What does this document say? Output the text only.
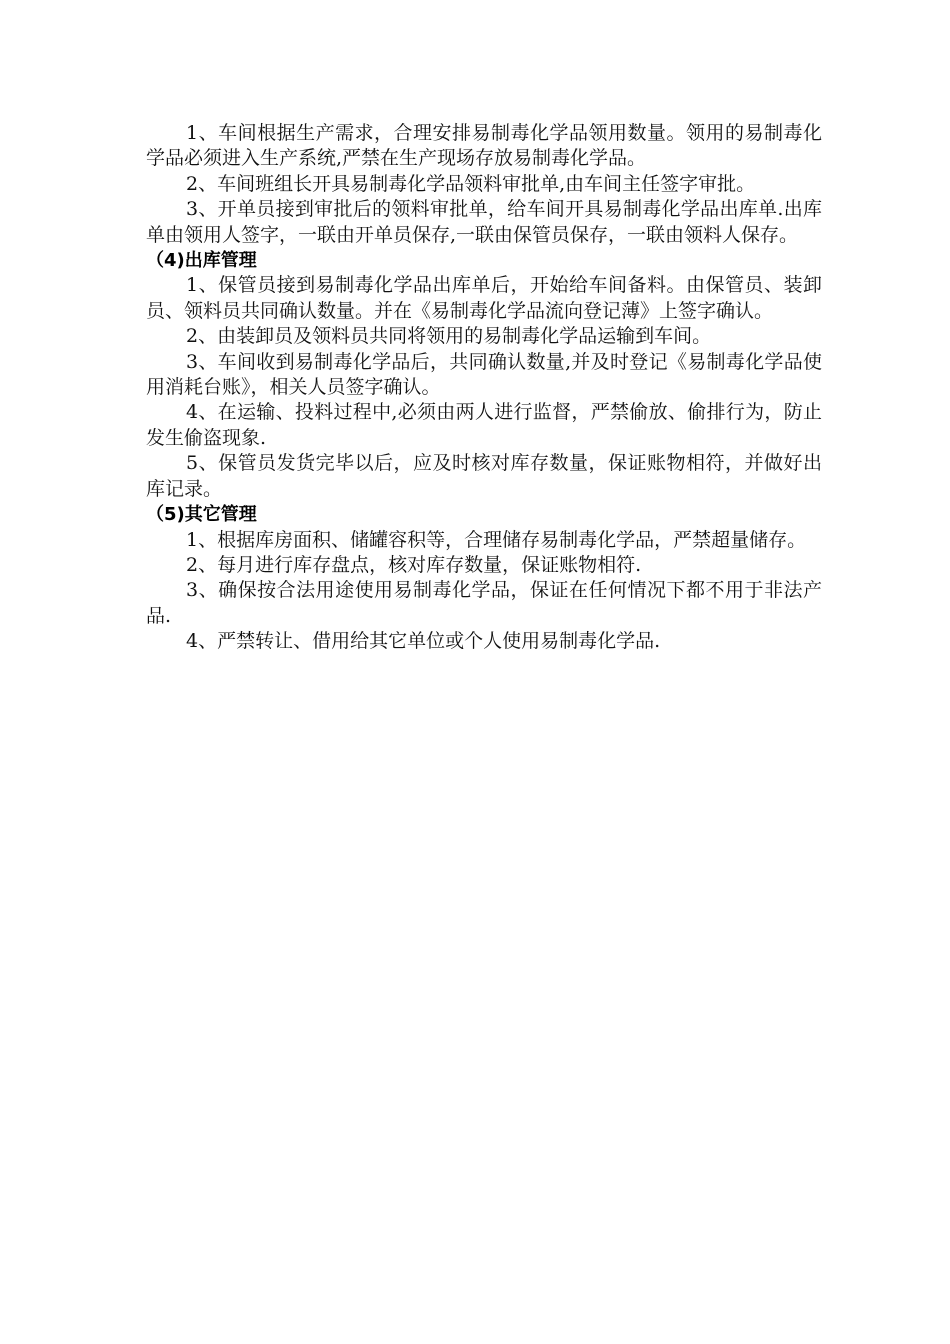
1、车间根据生产需求，合理安排易制毒化学品领用数量。领用的易制毒化学品必须进入生产系统,严禁在生产现场存放易制毒化学品。

2、车间班组长开具易制毒化学品领料审批单,由车间主任签字审批。

3、开单员接到审批后的领料审批单，给车间开具易制毒化学品出库单.出库单由领用人签字，一联由开单员保存,一联由保管员保存，一联由领料人保存。

（4)出库管理

1、保管员接到易制毒化学品出库单后，开始给车间备料。由保管员、装卸员、领料员共同确认数量。并在《易制毒化学品流向登记薄》上签字确认。

2、由装卸员及领料员共同将领用的易制毒化学品运输到车间。

3、车间收到易制毒化学品后，共同确认数量,并及时登记《易制毒化学品使用消耗台账》，相关人员签字确认。

4、在运输、投料过程中,必须由两人进行监督，严禁偷放、偷排行为，防止发生偷盗现象.

5、保管员发货完毕以后，应及时核对库存数量，保证账物相符，并做好出库记录。

（5)其它管理

1、根据库房面积、储罐容积等，合理储存易制毒化学品，严禁超量储存。

2、每月进行库存盘点，核对库存数量，保证账物相符.

3、确保按合法用途使用易制毒化学品，保证在任何情况下都不用于非法产品.

4、严禁转让、借用给其它单位或个人使用易制毒化学品.
